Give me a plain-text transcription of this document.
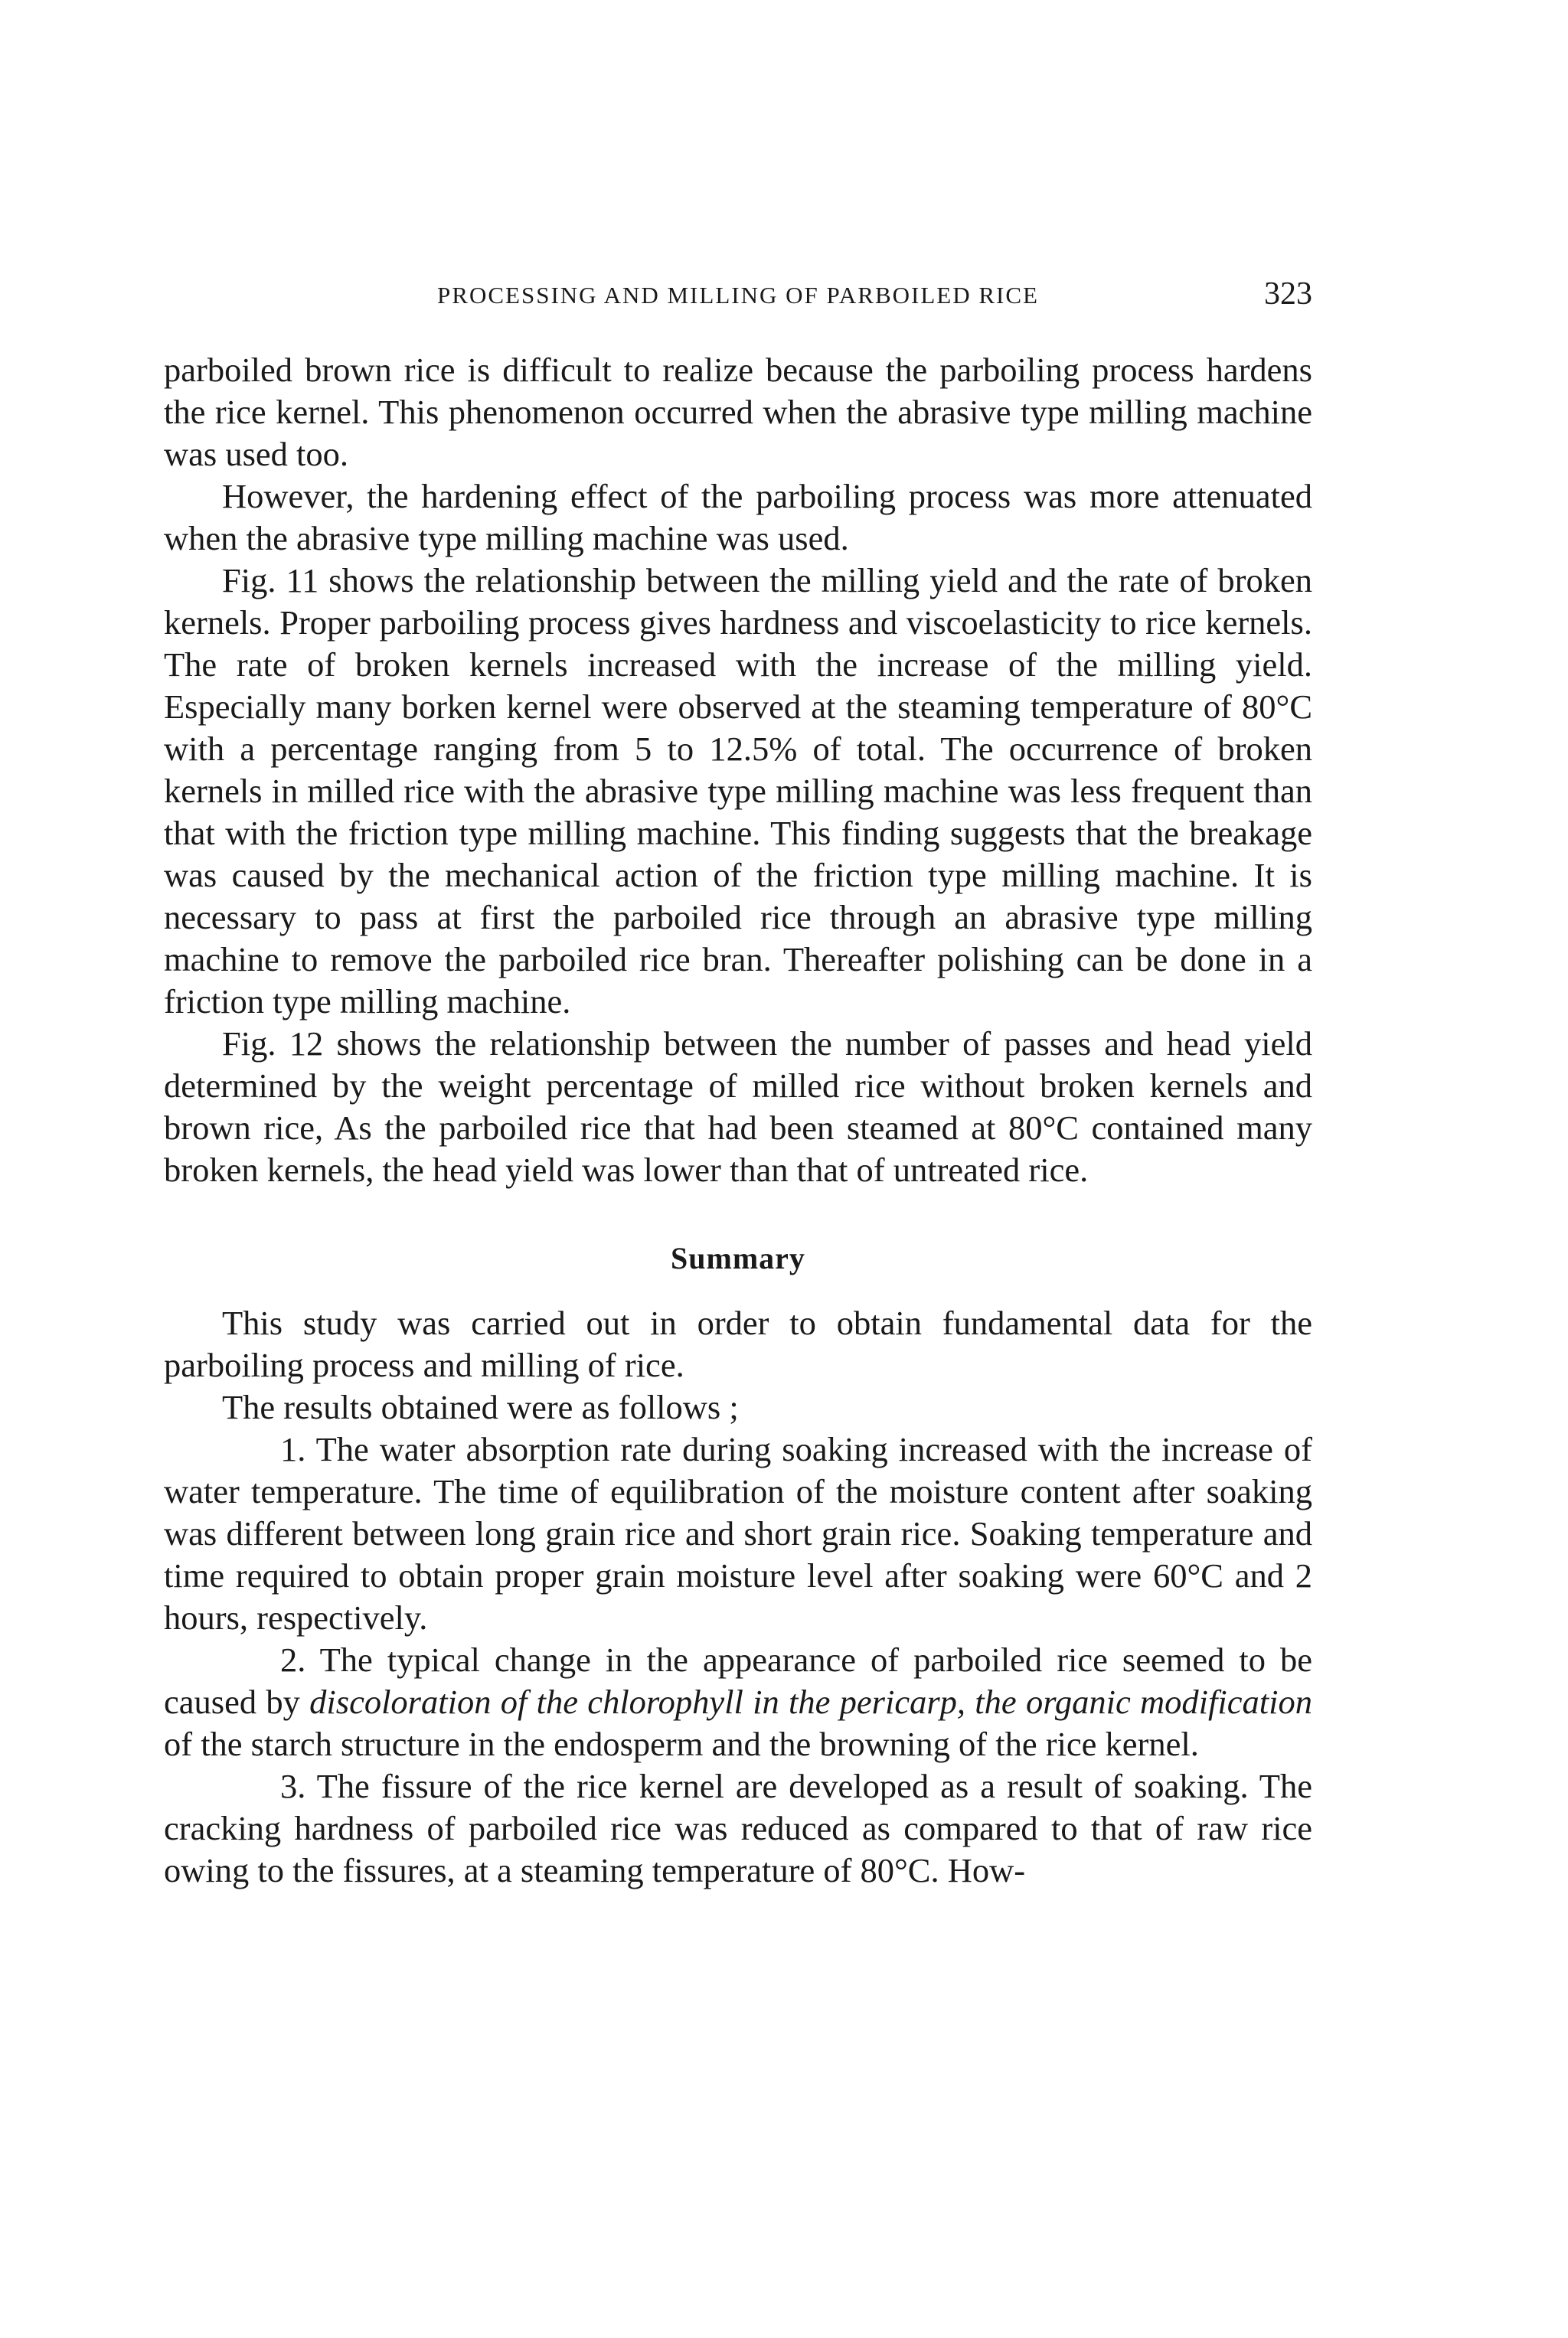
PROCESSING AND MILLING OF PARBOILED RICE	323

parboiled brown rice is difficult to realize because the parboiling process hardens the rice kernel. This phenomenon occurred when the abrasive type milling machine was used too.

However, the hardening effect of the parboiling process was more attenuated when the abrasive type milling machine was used.

Fig. 11 shows the relationship between the milling yield and the rate of broken kernels. Proper parboiling process gives hardness and viscoelasticity to rice kernels. The rate of broken kernels increased with the increase of the milling yield. Especially many borken kernel were observed at the steaming temperature of 80°C with a percentage ranging from 5 to 12.5% of total. The occurrence of broken kernels in milled rice with the abrasive type milling machine was less frequent than that with the friction type milling machine. This finding suggests that the breakage was caused by the mechanical action of the friction type milling machine. It is necessary to pass at first the parboiled rice through an abrasive type milling machine to remove the parboiled rice bran. Thereafter polishing can be done in a friction type milling machine.

Fig. 12 shows the relationship between the number of passes and head yield determined by the weight percentage of milled rice without broken kernels and brown rice, As the parboiled rice that had been steamed at 80°C contained many broken kernels, the head yield was lower than that of untreated rice.

Summary

This study was carried out in order to obtain fundamental data for the parboiling process and milling of rice.

The results obtained were as follows ;

1. The water absorption rate during soaking increased with the increase of water temperature. The time of equilibration of the moisture content after soaking was different between long grain rice and short grain rice. Soaking temperature and time required to obtain proper grain moisture level after soaking were 60°C and 2 hours, respectively.

2. The typical change in the appearance of parboiled rice seemed to be caused by discoloration of the chlorophyll in the pericarp, the organic modification of the starch structure in the endosperm and the browning of the rice kernel.

3. The fissure of the rice kernel are developed as a result of soaking. The cracking hardness of parboiled rice was reduced as compared to that of raw rice owing to the fissures, at a steaming temperature of 80°C. How-
